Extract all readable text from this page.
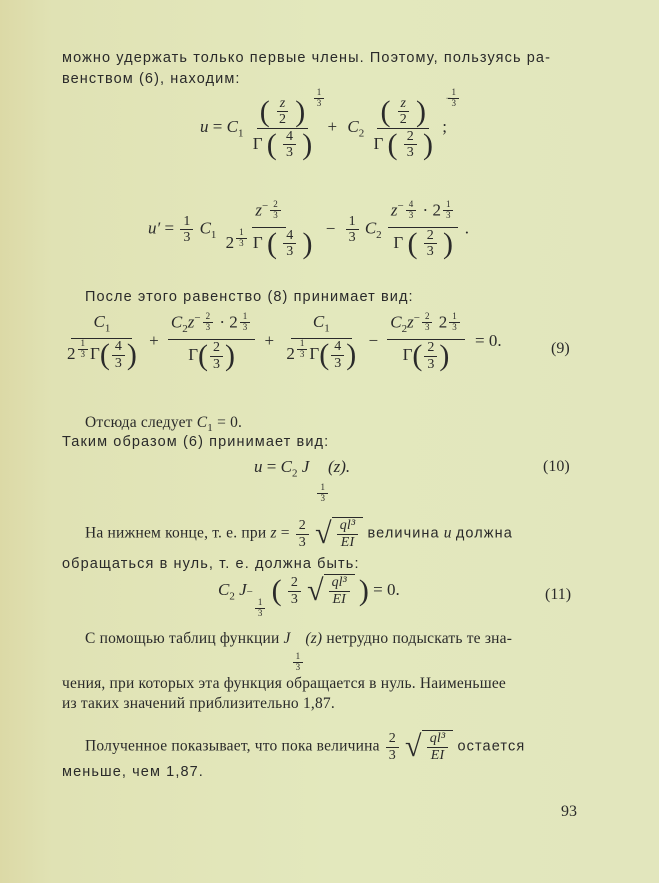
можно удержать только первые члены. Поэтому, пользуясь ра-
венством (6), находим:
$u = C_1 \frac{( \frac{z}{2} ) \frac{1}{3}}{\Gamma ( \frac{4}{3} )} + C_2$ ( $\frac{z}{2}$ ) −
$\frac{1}{3}$
Γ ( $\frac{2}{3}$ ) ;
$u' = \frac{1}{3} C_1 \frac{z^- \frac{2}{3}}{2 \frac{1}{3} \Gamma ( \frac{4}{3} )} - \frac{1}{3} C_2 \frac{z^- \frac{4}{3} \cdot 2 \frac{1}{3}}{\Gamma ( \frac{2}{3} )}$ .
После этого равенство (8) принимает вид:
$\frac{C_1}{2 \frac{1}{3} \Gamma( \frac{4}{3} )} + \frac{C_2z^- \frac{2}{3} \cdot 2 \frac{1}{3}}{\Gamma( \frac{2}{3} )} + \frac{C_1}{2 \frac{1}{3} \Gamma( \frac{4}{3} )} - \frac{C_2z^- \frac{2}{3} 2 \frac{1}{3}}{\Gamma( \frac{2}{3} )} = 0$.	(9)
Отсюда следует $C_1 = 0$.
Таким образом (6) принимает вид:
$u = C_2$ J
$\frac{1}{3}$
(z).	(10)
На нижнем конце, т. е. при $z = \frac{2}{3}$ √ $\frac{\text{ql³}}{EI}$ величина u должна
обращаться в нуль, т. е. должна быть:
$C_2$ J−
$\frac{1}{3}$
( $\frac{2}{3}$ √ $\frac{\text{ql³}}{EI}$ ) = 0.	(11)
С помощью таблиц функции J
$\frac{1}{3}$
(z) нетрудно подыскать те зна-
чения, при которых эта функция обращается в нуль. Наименьшее
из таких значений приблизительно 1,87.
Полученное показывает, что пока величина $\frac{2}{3}$ √ $\frac{\text{ql³}}{EI}$ остается
меньше, чем 1,87.
93
